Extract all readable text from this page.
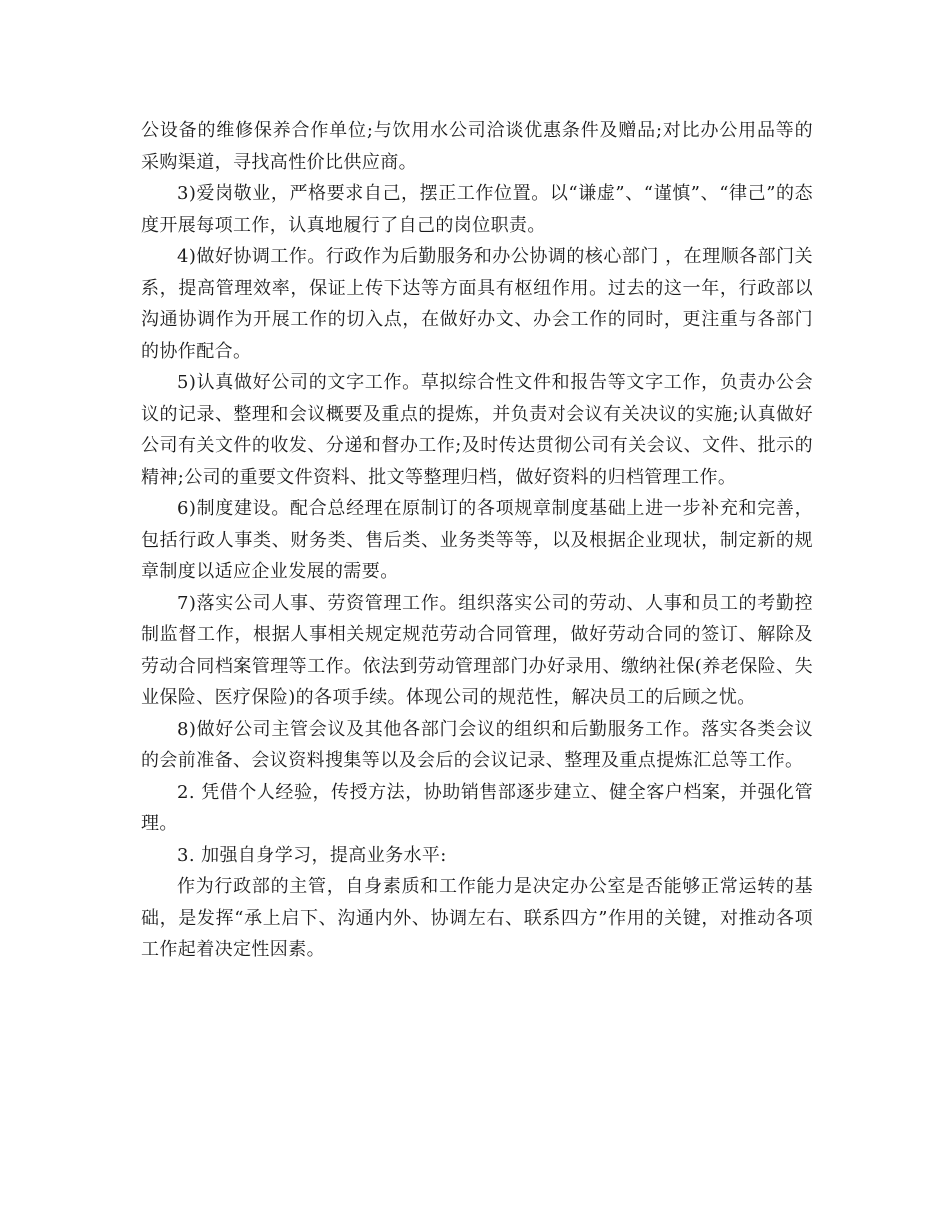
公设备的维修保养合作单位;与饮用水公司洽谈优惠条件及赠品;对比办公用品等的采购渠道，寻找高性价比供应商。

3)爱岗敬业，严格要求自己，摆正工作位置。以“谦虚”、“谨慎”、“律己”的态度开展每项工作，认真地履行了自己的岗位职责。

4)做好协调工作。行政作为后勤服务和办公协调的核心部门 ，在理顺各部门关系，提高管理效率，保证上传下达等方面具有枢纽作用。过去的这一年，行政部以沟通协调作为开展工作的切入点，在做好办文、办会工作的同时，更注重与各部门的协作配合。

5)认真做好公司的文字工作。草拟综合性文件和报告等文字工作，负责办公会议的记录、整理和会议概要及重点的提炼，并负责对会议有关决议的实施;认真做好公司有关文件的收发、分递和督办工作;及时传达贯彻公司有关会议、文件、批示的精神;公司的重要文件资料、批文等整理归档，做好资料的归档管理工作。

6)制度建设。配合总经理在原制订的各项规章制度基础上进一步补充和完善，包括行政人事类、财务类、售后类、业务类等等，以及根据企业现状，制定新的规章制度以适应企业发展的需要。

7)落实公司人事、劳资管理工作。组织落实公司的劳动、人事和员工的考勤控制监督工作，根据人事相关规定规范劳动合同管理，做好劳动合同的签订、解除及劳动合同档案管理等工作。依法到劳动管理部门办好录用、缴纳社保(养老保险、失业保险、医疗保险)的各项手续。体现公司的规范性，解决员工的后顾之忧。

8)做好公司主管会议及其他各部门会议的组织和后勤服务工作。落实各类会议的会前准备、会议资料搜集等以及会后的会议记录、整理及重点提炼汇总等工作。

2. 凭借个人经验，传授方法，协助销售部逐步建立、健全客户档案，并强化管理。

3. 加强自身学习，提高业务水平:

作为行政部的主管，自身素质和工作能力是决定办公室是否能够正常运转的基础，是发挥“承上启下、沟通内外、协调左右、联系四方”作用的关键，对推动各项工作起着决定性因素。
